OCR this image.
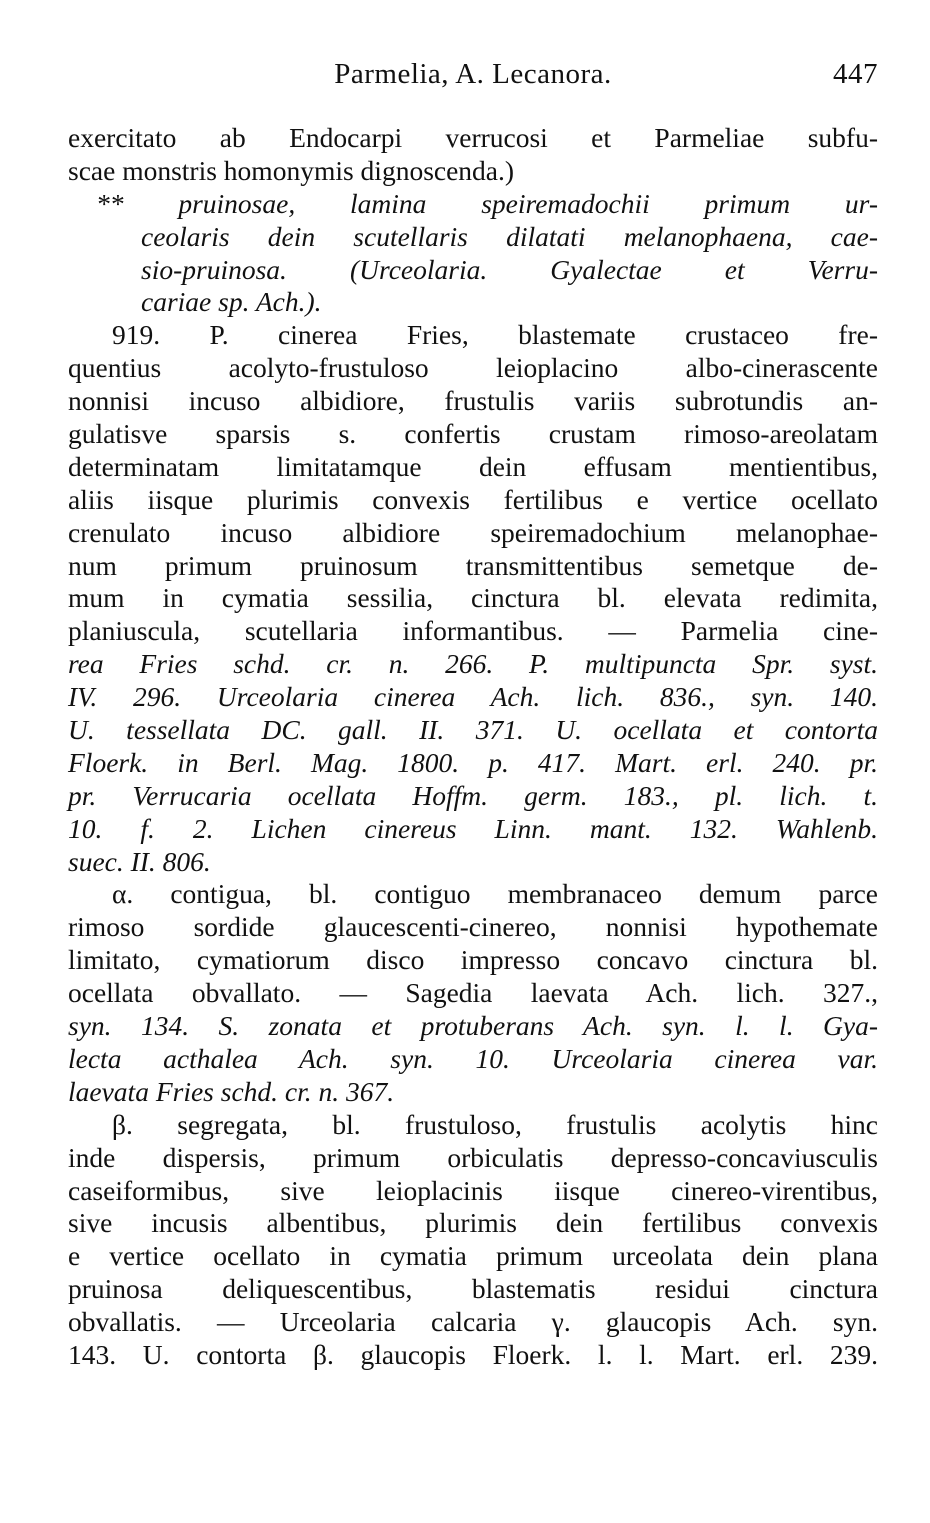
Parmelia, A. Lecanora.	447
exercitato ab Endocarpi verrucosi et Parmeliae subfu-
scae monstris homonymis dignoscenda.)
** pruinosae, lamina speiremadochii primum ur-
ceolaris dein scutellaris dilatati melanophaena, cae-
sio-pruinosa. (Urceolaria. Gyalectae et Verru-
cariae sp. Ach.).
919. P. cinerea Fries, blastemate crustaceo fre-
quentius acolyto-frustuloso leioplacino albo-cinerascente
nonnisi incuso albidiore, frustulis variis subrotundis an-
gulatisve sparsis s. confertis crustam rimoso-areolatam
determinatam limitatamque dein effusam mentientibus,
aliis iisque plurimis convexis fertilibus e vertice ocellato
crenulato incuso albidiore speiremadochium melanophae-
num primum pruinosum transmittentibus semetque de-
mum in cymatia sessilia, cinctura bl. elevata redimita,
planiuscula, scutellaria informantibus. — Parmelia cine-
rea Fries schd. cr. n. 266. P. multipuncta Spr. syst.
IV. 296. Urceolaria cinerea Ach. lich. 836., syn. 140.
U. tessellata DC. gall. II. 371. U. ocellata et contorta
Floerk. in Berl. Mag. 1800. p. 417. Mart. erl. 240. pr.
pr. Verrucaria ocellata Hoffm. germ. 183., pl. lich. t.
10. f. 2. Lichen cinereus Linn. mant. 132. Wahlenb.
suec. II. 806.
α. contigua, bl. contiguo membranaceo demum parce
rimoso sordide glaucescenti-cinereo, nonnisi hypothemate
limitato, cymatiorum disco impresso concavo cinctura bl.
ocellata obvallato. — Sagedia laevata Ach. lich. 327.,
syn. 134. S. zonata et protuberans Ach. syn. l. l. Gya-
lecta acthalea Ach. syn. 10. Urceolaria cinerea var.
laevata Fries schd. cr. n. 367.
β. segregata, bl. frustuloso, frustulis acolytis hinc
inde dispersis, primum orbiculatis depresso-concaviusculis
caseiformibus, sive leioplacinis iisque cinereo-virentibus,
sive incusis albentibus, plurimis dein fertilibus convexis
e vertice ocellato in cymatia primum urceolata dein plana
pruinosa deliquescentibus, blastematis residui cinctura
obvallatis. — Urceolaria calcaria γ. glaucopis Ach. syn.
143. U. contorta β. glaucopis Floerk. l. l. Mart. erl. 239.
